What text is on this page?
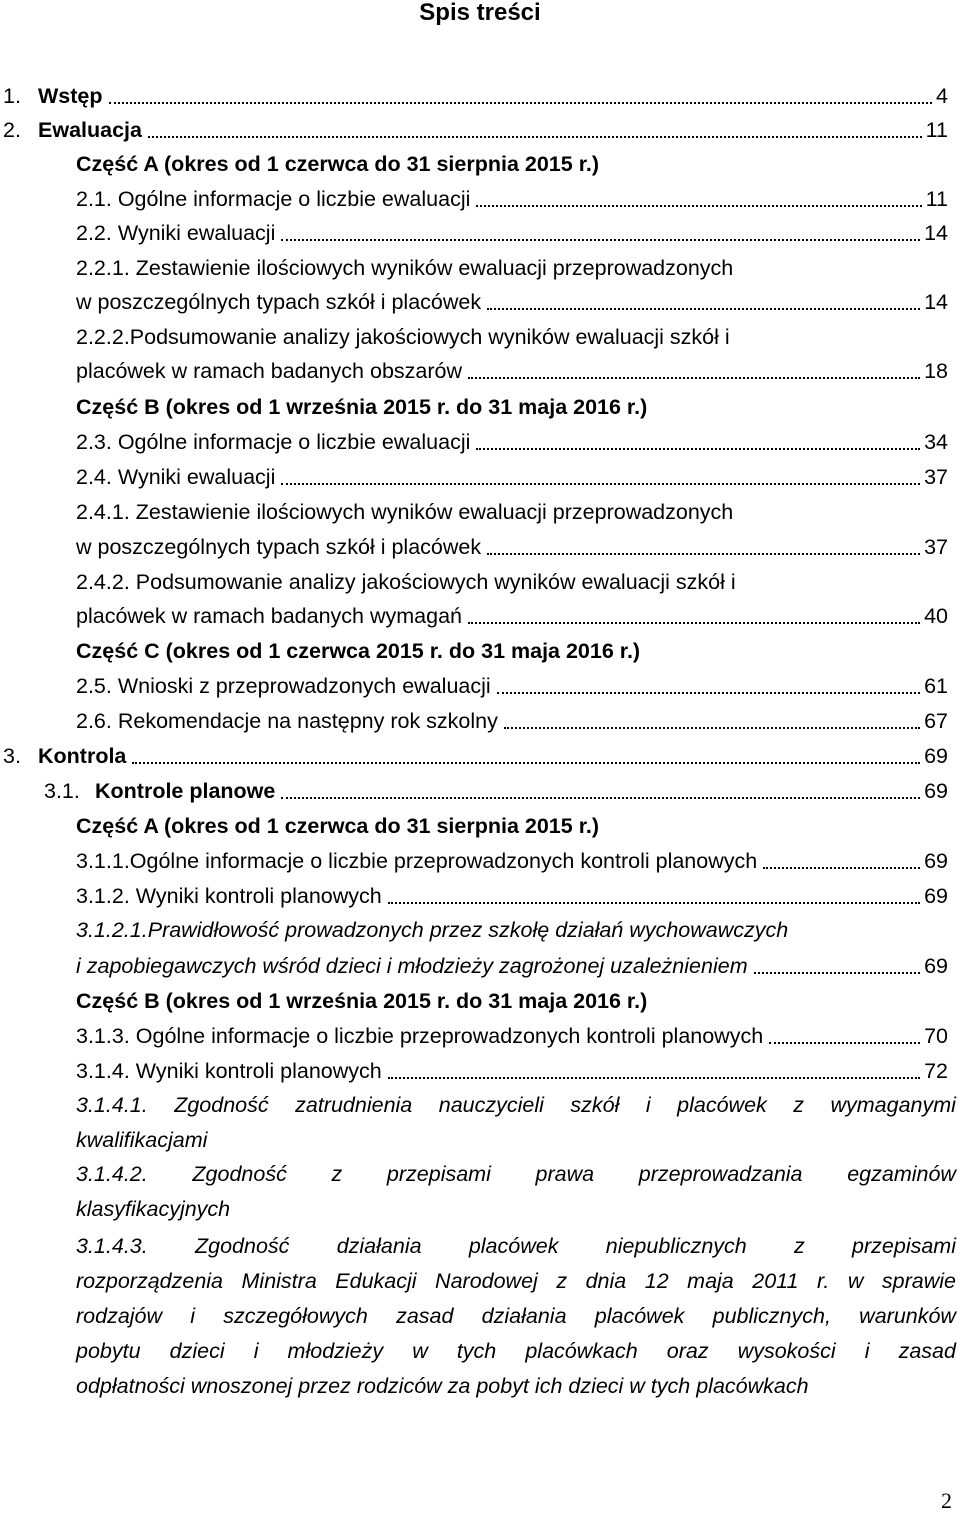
Spis treści
1. Wstęp	4
2. Ewaluacja	11
Część A (okres od 1 czerwca do 31 sierpnia 2015 r.)
2.1. Ogólne informacje o liczbie ewaluacji	11
2.2. Wyniki ewaluacji	14
2.2.1. Zestawienie ilościowych wyników ewaluacji przeprowadzonych
w poszczególnych typach szkół i placówek	14
2.2.2.Podsumowanie analizy jakościowych wyników ewaluacji szkół i
placówek w ramach badanych obszarów	18
Część B (okres od 1 września 2015 r. do 31 maja 2016 r.)
2.3. Ogólne informacje o liczbie ewaluacji	34
2.4. Wyniki ewaluacji	37
2.4.1. Zestawienie ilościowych wyników ewaluacji przeprowadzonych
w poszczególnych typach szkół i placówek	37
2.4.2. Podsumowanie analizy jakościowych wyników ewaluacji szkół i
placówek w ramach badanych wymagań	40
Część C (okres od 1 czerwca 2015 r. do 31 maja 2016 r.)
2.5. Wnioski z przeprowadzonych ewaluacji	61
2.6. Rekomendacje na następny rok szkolny	67
3. Kontrola	69
3.1. Kontrole planowe	69
Część A (okres od 1 czerwca do 31 sierpnia 2015 r.)
3.1.1.Ogólne informacje o liczbie przeprowadzonych kontroli planowych	69
3.1.2. Wyniki kontroli planowych	69
3.1.2.1.Prawidłowość prowadzonych przez szkołę działań wychowawczych
i zapobiegawczych wśród dzieci i młodzieży zagrożonej uzależnieniem	69
Część B (okres od 1 września 2015 r. do 31 maja 2016 r.)
3.1.3. Ogólne informacje o liczbie przeprowadzonych kontroli planowych	70
3.1.4. Wyniki kontroli planowych	72
3.1.4.1. Zgodność zatrudnienia nauczycieli szkół i placówek z wymaganymi
kwalifikacjami
3.1.4.2. Zgodność z przepisami prawa przeprowadzania egzaminów
klasyfikacyjnych
3.1.4.3. Zgodność działania placówek niepublicznych z przepisami
rozporządzenia Ministra Edukacji Narodowej z dnia 12 maja 2011 r. w sprawie
rodzajów i szczegółowych zasad działania placówek publicznych, warunków
pobytu dzieci i młodzieży w tych placówkach oraz wysokości i zasad
odpłatności wnoszonej przez rodziców za pobyt ich dzieci w tych placówkach
2
